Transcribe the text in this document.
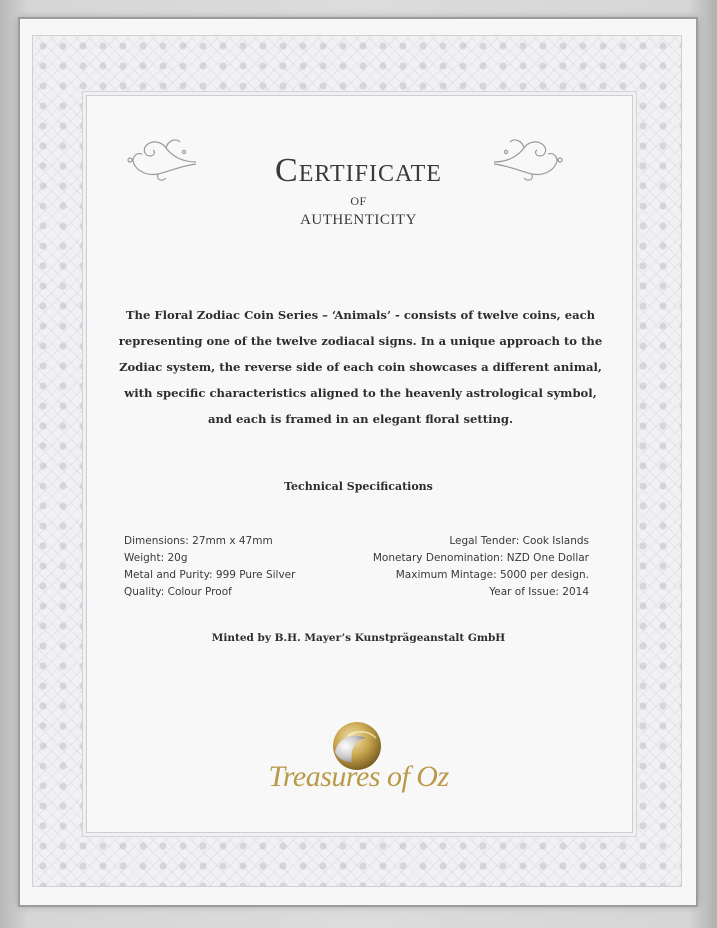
Certificate
OF
AUTHENTICITY

The Floral Zodiac Coin Series – ‘Animals’ - consists of twelve coins, each representing one of the twelve zodiacal signs. In a unique approach to the Zodiac system, the reverse side of each coin showcases a different animal, with specific characteristics aligned to the heavenly astrological symbol, and each is framed in an elegant floral setting.

Technical Specifications
Dimensions: 27mm x 47mm
Weight: 20g
Metal and Purity: 999 Pure Silver
Quality: Colour Proof
Legal Tender: Cook Islands
Monetary Denomination: NZD One Dollar
Maximum Mintage: 5000 per design.
Year of Issue: 2014
Minted by B.H. Mayer’s Kunstprägeanstalt GmbH
Treasures of Oz
